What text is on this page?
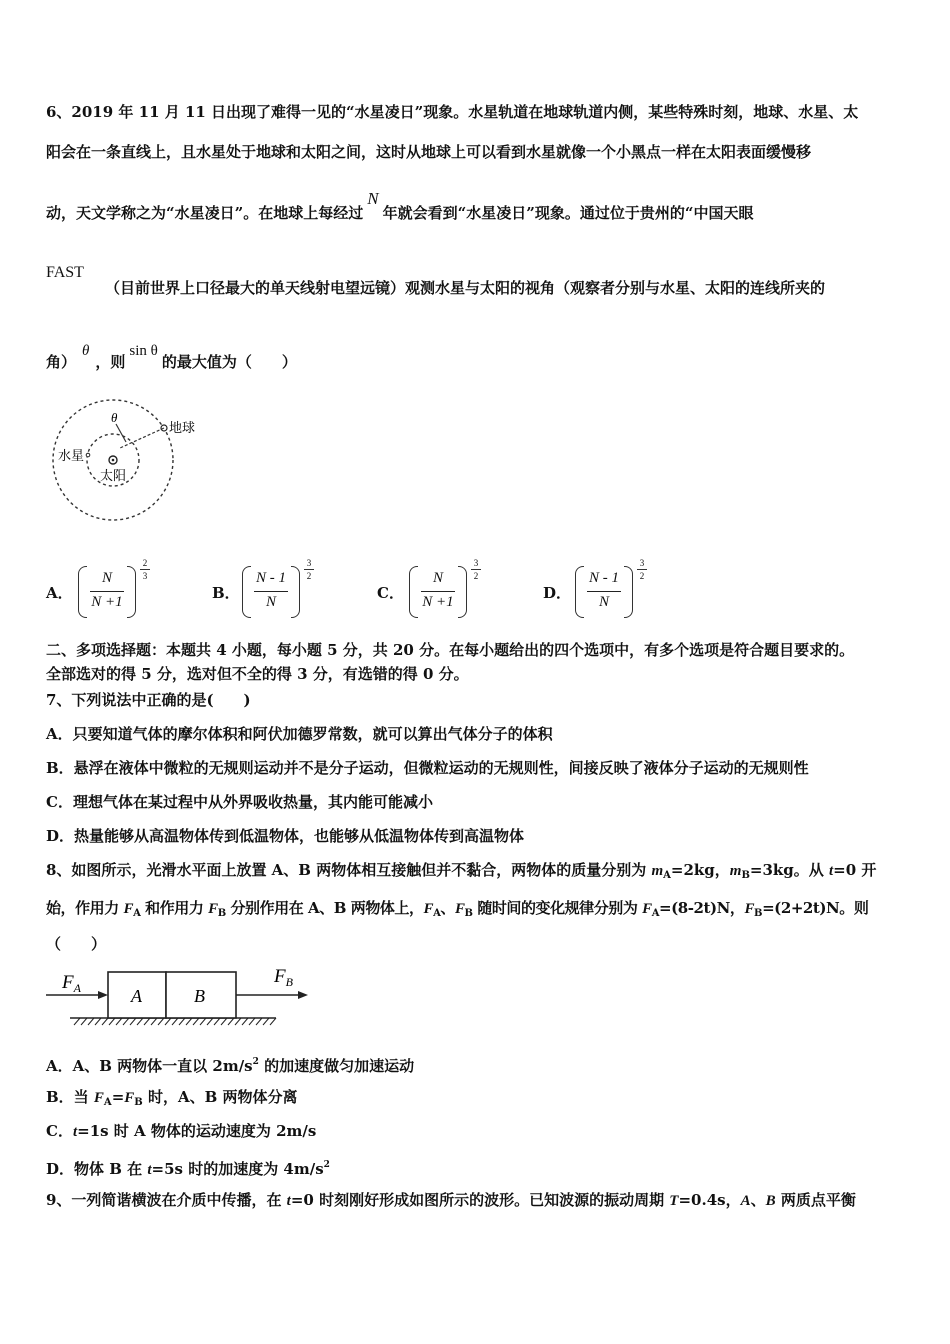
6、2019 年 11 月 11 日出现了难得一见的“水星凌日”现象。水星轨道在地球轨道内侧，某些特殊时刻，地球、水星、太
阳会在一条直线上，且水星处于地球和太阳之间，这时从地球上可以看到水星就像一个小黑点一样在太阳表面缓慢移
动，天文学称之为“水星凌日”。在地球上每经过N年就会看到“水星凌日”现象。通过位于贵州的“中国天眼
FAST
（目前世界上口径最大的单天线射电望远镜）观测水星与太阳的视角（观察者分别与水星、太阳的连线所夹的
角）θ，则sin θ的最大值为（　　）
θ
地球
水星
太阳
A．
N
N +1
2
3
B．
N - 1
N
3
2
C．
N
N +1
3
2
D．
N - 1
N
3
2
二、多项选择题：本题共 4 小题，每小题 5 分，共 20 分。在每小题给出的四个选项中，有多个选项是符合题目要求的。
全部选对的得 5 分，选对但不全的得 3 分，有选错的得 0 分。
7、下列说法中正确的是(　　)
A．只要知道气体的摩尔体积和阿伏加德罗常数，就可以算出气体分子的体积
B．悬浮在液体中微粒的无规则运动并不是分子运动，但微粒运动的无规则性，间接反映了液体分子运动的无规则性
C．理想气体在某过程中从外界吸收热量，其内能可能减小
D．热量能够从高温物体传到低温物体，也能够从低温物体传到高温物体
8、如图所示，光滑水平面上放置 A、B 两物体相互接触但并不黏合，两物体的质量分别为 $m_A=2kg$，$m_B=3kg$。从 t=0 开
始，作用力 $F_A$ 和作用力 $F_B$ 分别作用在 A、B 两物体上，$F_A$、$F_B$ 随时间的变化规律分别为 $F_A=(8-2t)N$，$F_B=(2+2t)N$。则
（　　）
A	B
$F_A$
$F_B$
A．A、B 两物体一直以 $2m/s^2$ 的加速度做匀加速运动
B．当 $F_A=F_B$ 时，A、B 两物体分离
C．t=1s 时 A 物体的运动速度为 2m/s
D．物体 B 在 t=5s 时的加速度为 $4m/s^2$
9、一列简谐横波在介质中传播，在 t=0 时刻刚好形成如图所示的波形。已知波源的振动周期 T=0.4s，A、B 两质点平衡
